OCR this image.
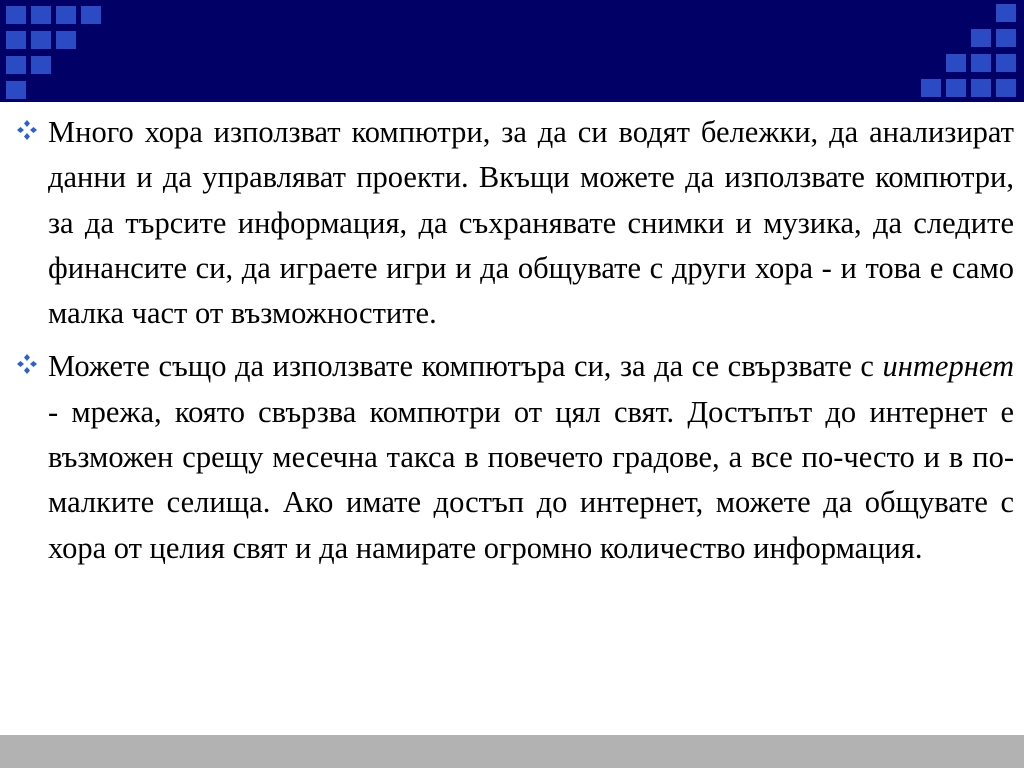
Много хора използват компютри, за да си водят бележки, да анализират данни и да управляват проекти. Вкъщи можете да използвате компютри, за да търсите информация, да съхранявате снимки и музика, да следите финансите си, да играете игри и да общувате с други хора - и това е само малка част от възможностите.
Можете също да използвате компютъра си, за да се свързвате с интернет - мрежа, която свързва компютри от цял свят. Достъпът до интернет е възможен срещу месечна такса в повечето градове, а все по-често и в по-малките селища. Ако имате достъп до интернет, можете да общувате с хора от целия свят и да намирате огромно количество информация.
